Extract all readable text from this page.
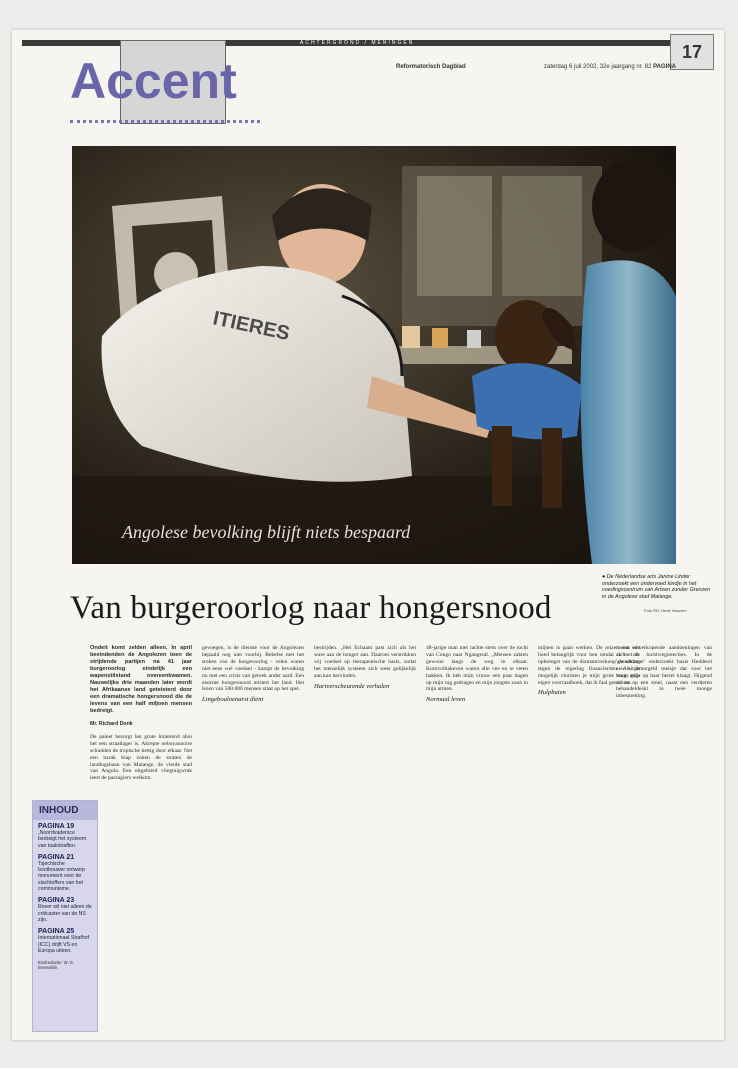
ACHTERGROND / MENINGEN	17
Accent	Reformatorisch Dagblad	zaterdag 6 juli 2002, 32e jaargang nr. 82 PAGINA
ITIERES
Angolese bevolking blijft niets bespaard
● De Nederlandse arts Janine Linder onderzoekt een ondervoed kindje in het voedingscentrum van Artsen zonder Grenzen in de Angolese stad Malange.
Foto RD, Henk Visscher
Van burgeroorlog naar hongersnood

Ondeit komt zelden alleen. In april beeindenden de Angolezen toen de strijdende partijen na 41 jaar burgeroorlog eindelijk een wapenstilstand overeenkwamen. Nauwelijks drie maanden later wordt het Afrikaanse land geteisterd door een dramatische hongersnood die de levens van een half miljoen mensen bedreigt.

Mr. Richard Donk

De paleet bezorgt het grote hinterend aboi het een straatlager is. Ahrepte neboyannoire schudden de tropische hettig door elkaar. Net een barak klap zoken de straten de landingsbaan van Malange, de vierde stad van Angola. Een uitgebreid vliegtuigwrak leert de passagiers welkom.

gevoegen, is de dienste voor de Angolezen bepaald nog niet voorbij. Rebelse met het stoken van de burgeroorlog - velen waren niet eens wel voedsel - kampt de bevolking nu met een crisis van gebrek ander aard. Een enorme hongersnood teistert het land. Het lezen van 500.000 mensen staat op het spel.

Lingeboaloenarst dient

bestrijden. „Het Echaam past zich als het ware aan de honger aan. Daarom verstrikken wij voedsel op therapeutische basis, zodat het menselijk systeem zich weer gelijkelijk aan kan hervinden.

Hartverscheurende verhalen

48-jarige man met rachte stem over de tocht van Congo naar Ngangeuil. „Mensen zakten gewoon langs de weg in elkaar. Kornvolhakeven waren alle vee en te veten hakken. Ik heb mijn vrouw een paar dagen op mijn rug gedragen en mijn jongste zoon in mijn armen.

Normaal leven

mijnen is gaan werken. De reizen van een hoed belangrijk voor hen omdat ze met de opbrengst van de diamantverkoop de oorlog tegen de regering financierden. Als ik mogelijk vluchten je mijn grote voor mijn eigen voorraadhoek, dat ik faal geen brea.

Hulpbuien

meest uitverkopende aandoeningen van zich uit luchtwegintecties. In de 'grondkamer' onderzoekt basis Heddersl een uitgemergeld meisje dat voor het brugs grijs op haar bertel klaagt. Hijgend zit ze op een stoel, naast een verdieren behandeldeski in twee mooge inbesmetting.

INHOUD
PAGINA 19
„Noordvadersce bedreigt het systeem van taakstraffen.
PAGINA 21
Tsjechische bootbouwer ontwerp monument voor de slachtoffers van het communisme.
PAGINA 23
Rover wil niet alleen de criticaster van de NS zijn.
PAGINA 25
Internationaal Strafhof (ICC) drijft VS en Europa uiteen.
Eindredactie: W. G. Bresselink
